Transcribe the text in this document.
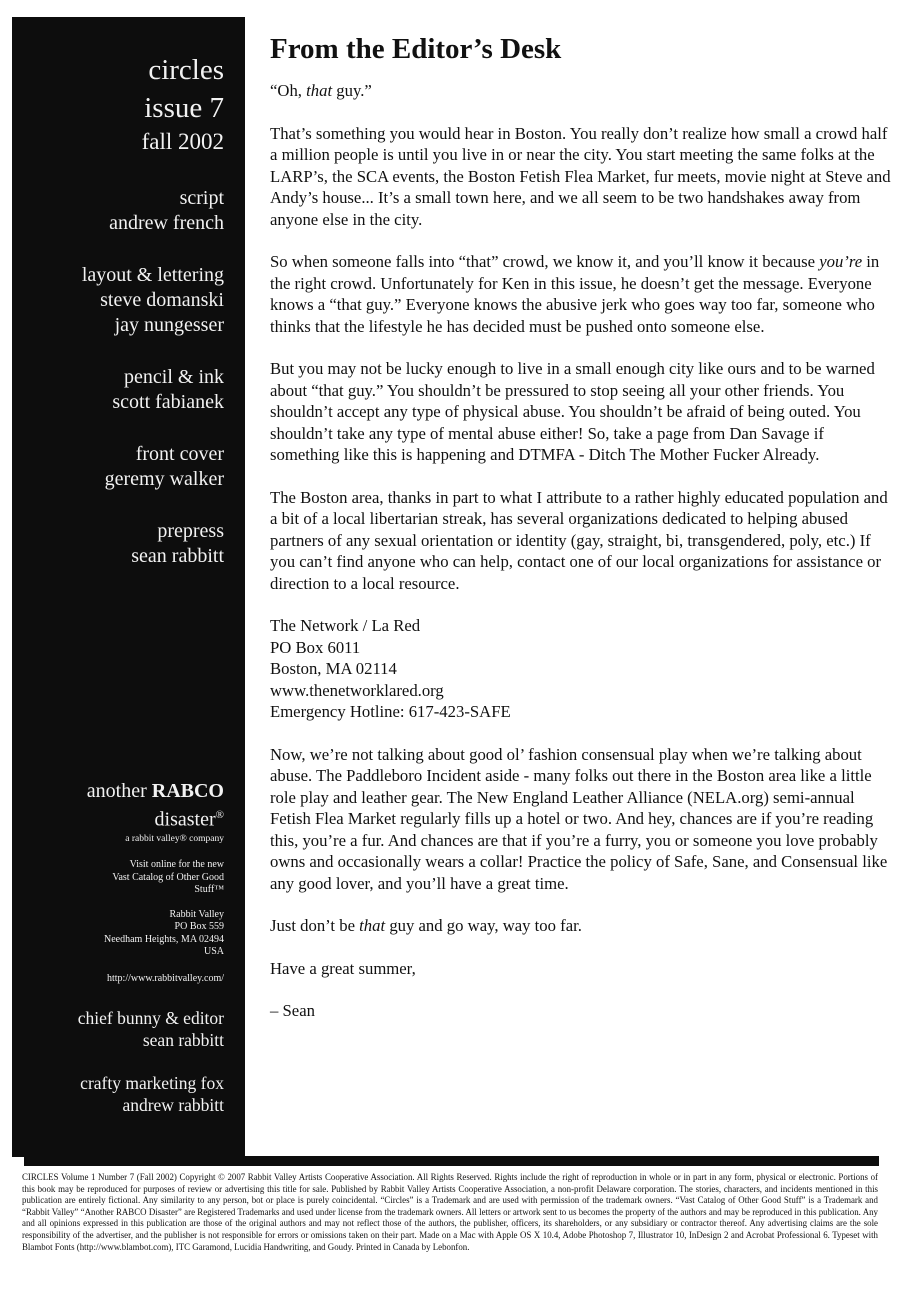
circles
issue 7
fall 2002
script
andrew french
layout & lettering
steve domanski
jay nungesser
pencil & ink
scott fabianek
front cover
geremy walker
prepress
sean rabbitt
another RABCO
disaster®
a rabbit valley® company
Visit online for the new
Vast Catalog of Other Good
Stuff™
Rabbit Valley
PO Box 559
Needham Heights, MA 02494
USA
http://www.rabbitvalley.com/
chief bunny & editor
sean rabbitt
crafty marketing fox
andrew rabbitt
From the Editor’s Desk

“Oh, that guy.”

That’s something you would hear in Boston. You really don’t realize how small a crowd half a million people is until you live in or near the city. You start meeting the same folks at the LARP’s, the SCA events, the Boston Fetish Flea Market, fur meets, movie night at Steve and Andy’s house... It’s a small town here, and we all seem to be two handshakes away from anyone else in the city.

So when someone falls into “that” crowd, we know it, and you’ll know it because you’re in the right crowd. Unfortunately for Ken in this issue, he doesn’t get the message. Everyone knows a “that guy.” Everyone knows the abusive jerk who goes way too far, someone who thinks that the lifestyle he has decided must be pushed onto someone else.

But you may not be lucky enough to live in a small enough city like ours and to be warned about “that guy.” You shouldn’t be pressured to stop seeing all your other friends. You shouldn’t accept any type of physical abuse. You shouldn’t be afraid of being outed. You shouldn’t take any type of mental abuse either! So, take a page from Dan Savage if something like this is happening and DTMFA - Ditch The Mother Fucker Already.

The Boston area, thanks in part to what I attribute to a rather highly educated population and a bit of a local libertarian streak, has several organizations dedicated to helping abused partners of any sexual orientation or identity (gay, straight, bi, transgendered, poly, etc.) If you can’t find anyone who can help, contact one of our local organizations for assistance or direction to a local resource.

The Network / La Red
PO Box 6011
Boston, MA 02114
www.thenetworklared.org
Emergency Hotline: 617-423-SAFE

Now, we’re not talking about good ol’ fashion consensual play when we’re talking about abuse. The Paddleboro Incident aside - many folks out there in the Boston area like a little role play and leather gear. The New England Leather Alliance (NELA.org) semi-annual Fetish Flea Market regularly fills up a hotel or two. And hey, chances are if you’re reading this, you’re a fur. And chances are that if you’re a furry, you or someone you love probably owns and occasionally wears a collar! Practice the policy of Safe, Sane, and Consensual like any good lover, and you’ll have a great time.

Just don’t be that guy and go way, way too far.

Have a great summer,

– Sean

CIRCLES Volume 1 Number 7 (Fall 2002) Copyright © 2007 Rabbit Valley Artists Cooperative Association. All Rights Reserved. Rights include the right of reproduction in whole or in part in any form, physical or electronic. Portions of this book may be reproduced for purposes of review or advertising this title for sale. Published by Rabbit Valley Artists Cooperative Association, a non-profit Delaware corporation. The stories, characters, and incidents mentioned in this publication are entirely fictional. Any similarity to any person, bot or place is purely coincidental. “Circles” is a Trademark and are used with permission of the trademark owners. “Vast Catalog of Other Good Stuff” is a Trademark and “Rabbit Valley” “Another RABCO Disaster” are Registered Trademarks and used under license from the trademark owners. All letters or artwork sent to us becomes the property of the authors and may be reproduced in this publication. Any and all opinions expressed in this publication are those of the original authors and may not reflect those of the authors, the publisher, officers, its shareholders, or any subsidiary or contractor thereof. Any advertising claims are the sole responsibility of the advertiser, and the publisher is not responsible for errors or omissions taken on their part. Made on a Mac with Apple OS X 10.4, Adobe Photoshop 7, Illustrator 10, InDesign 2 and Acrobat Professional 6. Typeset with Blambot Fonts (http://www.blambot.com), ITC Garamond, Lucidia Handwriting, and Goudy. Printed in Canada by Lebonfon.
